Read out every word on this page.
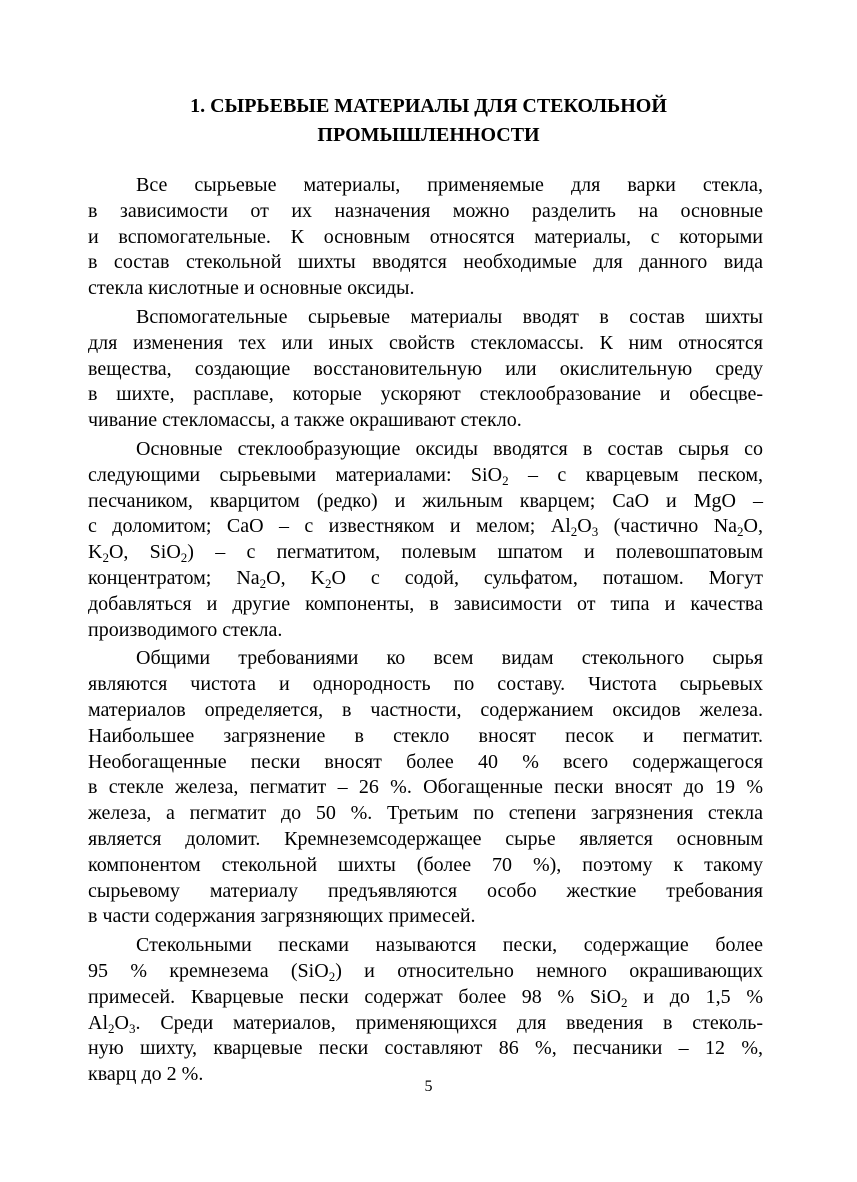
1. СЫРЬЕВЫЕ МАТЕРИАЛЫ ДЛЯ СТЕКОЛЬНОЙ
ПРОМЫШЛЕННОСТИ

Все сырьевые материалы, применяемые для варки стекла,
в зависимости от их назначения можно разделить на основные
и вспомогательные. К основным относятся материалы, с которыми
в состав стекольной шихты вводятся необходимые для данного вида
стекла кислотные и основные оксиды.

Вспомогательные сырьевые материалы вводят в состав шихты
для изменения тех или иных свойств стекломассы. К ним относятся
вещества, создающие восстановительную или окислительную среду
в шихте, расплаве, которые ускоряют стеклообразование и обесцве-
чивание стекломассы, а также окрашивают стекло.

Основные стеклообразующие оксиды вводятся в состав сырья со
следующими сырьевыми материалами: SiO$_2$ – с кварцевым песком,
песчаником, кварцитом (редко) и жильным кварцем; CaO и MgO –
с доломитом; CaO – с известняком и мелом; $Al_2O_3$ (частично $Na_2O$,
$K_2O$, SiO$_2$) – с пегматитом, полевым шпатом и полевошпатовым
концентратом; $Na_2O$, $K_2O$ с содой, сульфатом, поташом. Могут
добавляться и другие компоненты, в зависимости от типа и качества
производимого стекла.

Общими требованиями ко всем видам стекольного сырья
являются чистота и однородность по составу. Чистота сырьевых
материалов определяется, в частности, содержанием оксидов железа.
Наибольшее загрязнение в стекло вносят песок и пегматит.
Необогащенные пески вносят более 40 % всего содержащегося
в стекле железа, пегматит – 26 %. Обогащенные пески вносят до 19 %
железа, а пегматит до 50 %. Третьим по степени загрязнения стекла
является доломит. Кремнеземсодержащее сырье является основным
компонентом стекольной шихты (более 70 %), поэтому к такому
сырьевому материалу предъявляются особо жесткие требования
в части содержания загрязняющих примесей.

Стекольными песками называются пески, содержащие более
95 % кремнезема (SiO$_2$) и относительно немного окрашивающих
примесей. Кварцевые пески содержат более 98 % SiO$_2$ и до 1,5 %
$Al_2O_3$. Среди материалов, применяющихся для введения в стеколь-
ную шихту, кварцевые пески составляют 86 %, песчаники – 12 %,
кварц до 2 %.

5
